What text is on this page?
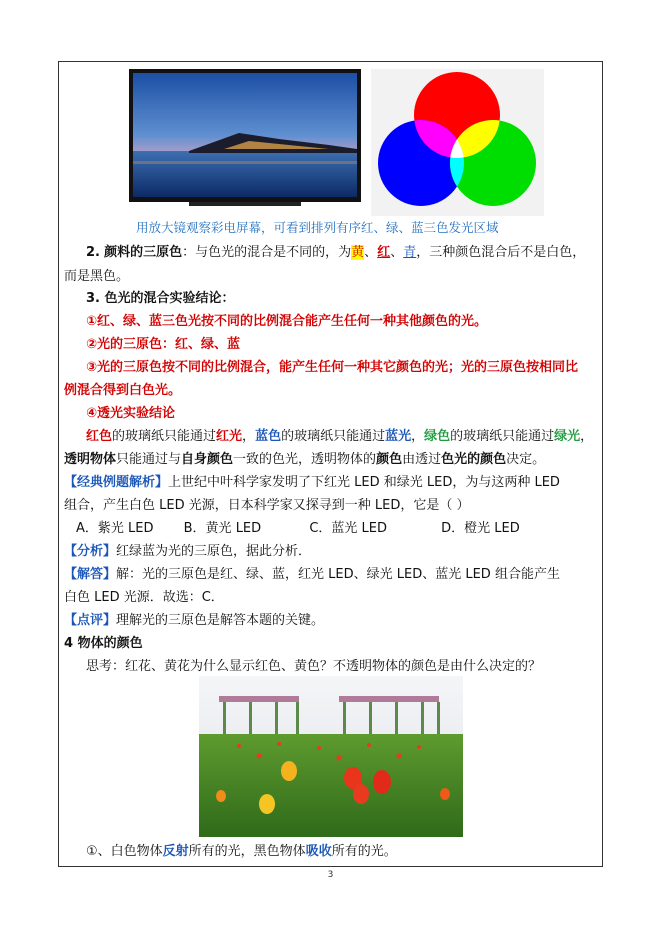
用放大镜观察彩电屏幕，可看到排列有序红、绿、蓝三色发光区域
2. 颜料的三原色：与色光的混合是不同的，为黄、红、青，三种颜色混合后不是白色，
而是黑色。
3. 色光的混合实验结论：
①红、绿、蓝三色光按不同的比例混合能产生任何一种其他颜色的光。
②光的三原色：红、绿、蓝
③光的三原色按不同的比例混合，能产生任何一种其它颜色的光；光的三原色按相同比
例混合得到白色光。
④透光实验结论
红色的玻璃纸只能通过红光，蓝色的玻璃纸只能通过蓝光，绿色的玻璃纸只能通过绿光，
透明物体只能通过与自身颜色一致的色光，透明物体的颜色由透过色光的颜色决定。
【经典例题解析】上世纪中叶科学家发明了下红光 LED 和绿光 LED，为与这两种 LED
组合，产生白色 LED 光源，日本科学家又探寻到一种 LED，它是（ ）
A．紫光 LED B．黄光 LED	C．蓝光 LED	D．橙光 LED
【分析】红绿蓝为光的三原色，据此分析．
【解答】解：光的三原色是红、绿、蓝，红光 LED、绿光 LED、蓝光 LED 组合能产生
白色 LED 光源．故选：C．
【点评】理解光的三原色是解答本题的关键。
4 物体的颜色
思考：红花、黄花为什么显示红色、黄色？不透明物体的颜色是由什么决定的？
①、白色物体反射所有的光，黑色物体吸收所有的光。
3
